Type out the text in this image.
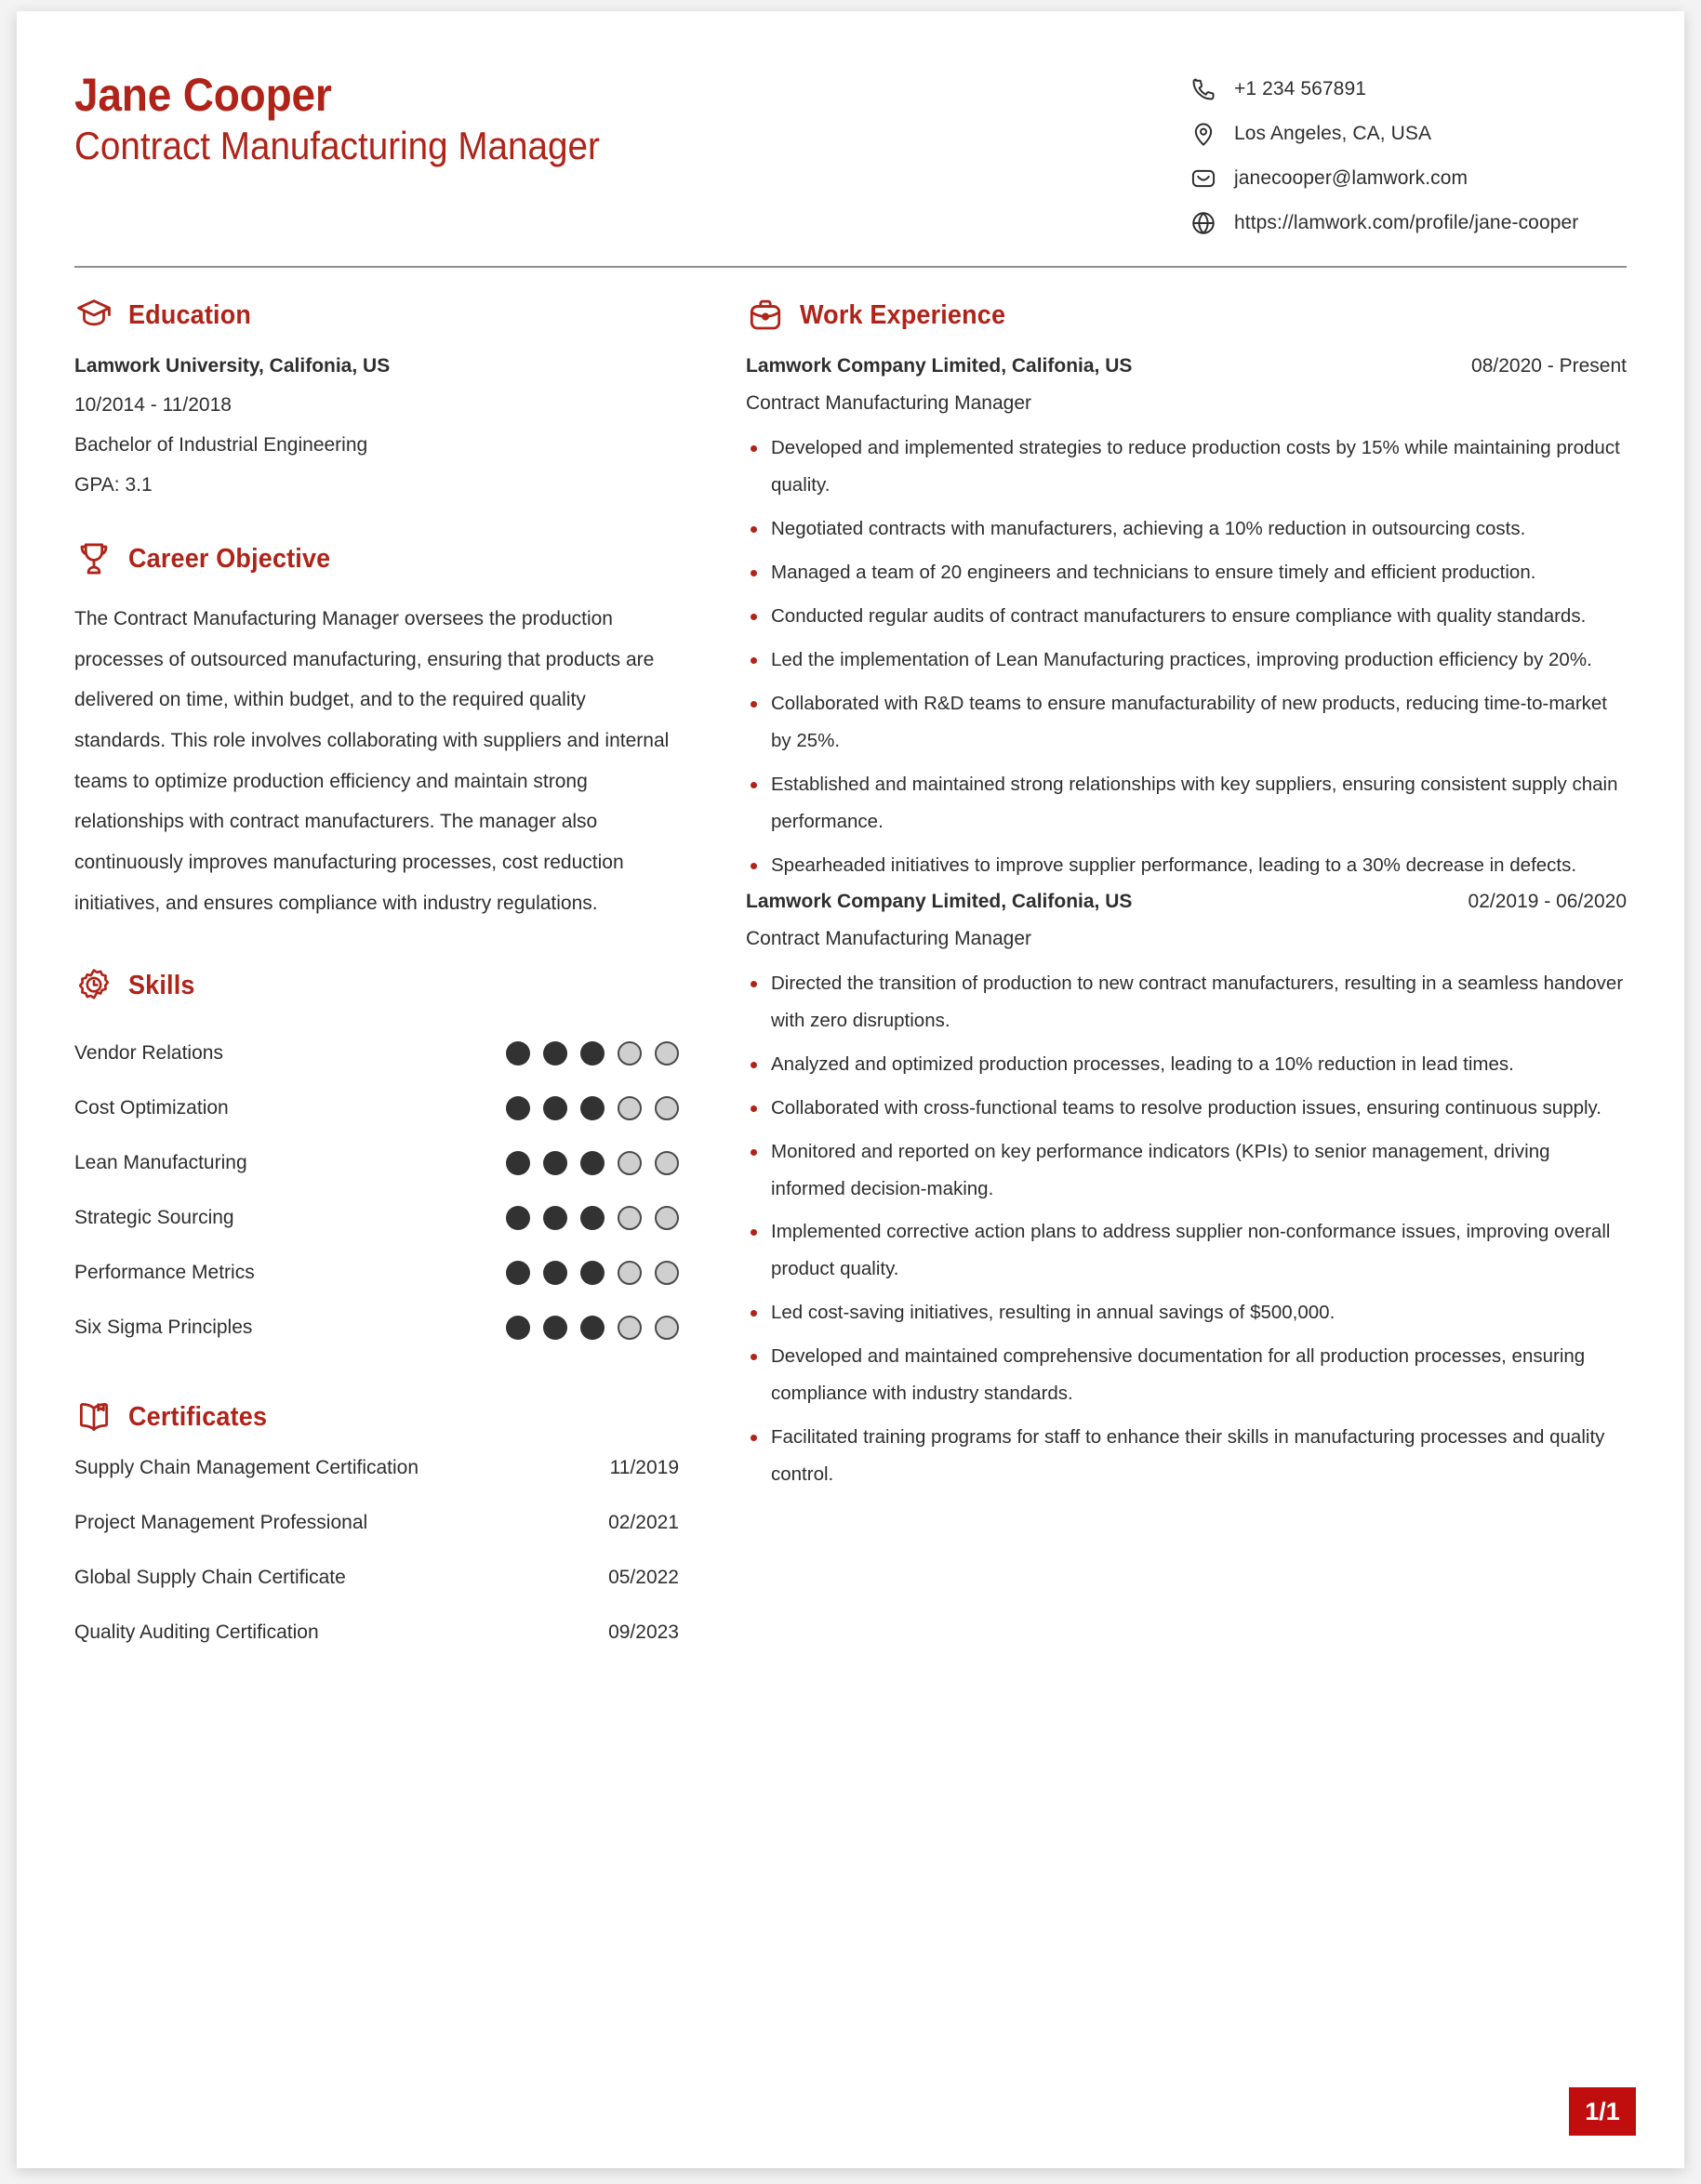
Jane Cooper
Contract Manufacturing Manager
+1 234 567891
Los Angeles, CA, USA
janecooper@lamwork.com
https://lamwork.com/profile/jane-cooper
Education
Lamwork University, Califonia, US
10/2014 - 11/2018
Bachelor of Industrial Engineering
GPA: 3.1
Career Objective
The Contract Manufacturing Manager oversees the production processes of outsourced manufacturing, ensuring that products are delivered on time, within budget, and to the required quality standards. This role involves collaborating with suppliers and internal teams to optimize production efficiency and maintain strong relationships with contract manufacturers. The manager also continuously improves manufacturing processes, cost reduction initiatives, and ensures compliance with industry regulations.
Skills
Vendor Relations
Cost Optimization
Lean Manufacturing
Strategic Sourcing
Performance Metrics
Six Sigma Principles
Certificates
Supply Chain Management Certification	11/2019
Project Management Professional	02/2021
Global Supply Chain Certificate	05/2022
Quality Auditing Certification	09/2023
Work Experience
Lamwork Company Limited, Califonia, US	08/2020 - Present
Contract Manufacturing Manager
Developed and implemented strategies to reduce production costs by 15% while maintaining product quality.
Negotiated contracts with manufacturers, achieving a 10% reduction in outsourcing costs.
Managed a team of 20 engineers and technicians to ensure timely and efficient production.
Conducted regular audits of contract manufacturers to ensure compliance with quality standards.
Led the implementation of Lean Manufacturing practices, improving production efficiency by 20%.
Collaborated with R&D teams to ensure manufacturability of new products, reducing time-to-market by 25%.
Established and maintained strong relationships with key suppliers, ensuring consistent supply chain performance.
Spearheaded initiatives to improve supplier performance, leading to a 30% decrease in defects.
Lamwork Company Limited, Califonia, US	02/2019 - 06/2020
Contract Manufacturing Manager
Directed the transition of production to new contract manufacturers, resulting in a seamless handover with zero disruptions.
Analyzed and optimized production processes, leading to a 10% reduction in lead times.
Collaborated with cross-functional teams to resolve production issues, ensuring continuous supply.
Monitored and reported on key performance indicators (KPIs) to senior management, driving informed decision-making.
Implemented corrective action plans to address supplier non-conformance issues, improving overall product quality.
Led cost-saving initiatives, resulting in annual savings of $500,000.
Developed and maintained comprehensive documentation for all production processes, ensuring compliance with industry standards.
Facilitated training programs for staff to enhance their skills in manufacturing processes and quality control.
1/1
